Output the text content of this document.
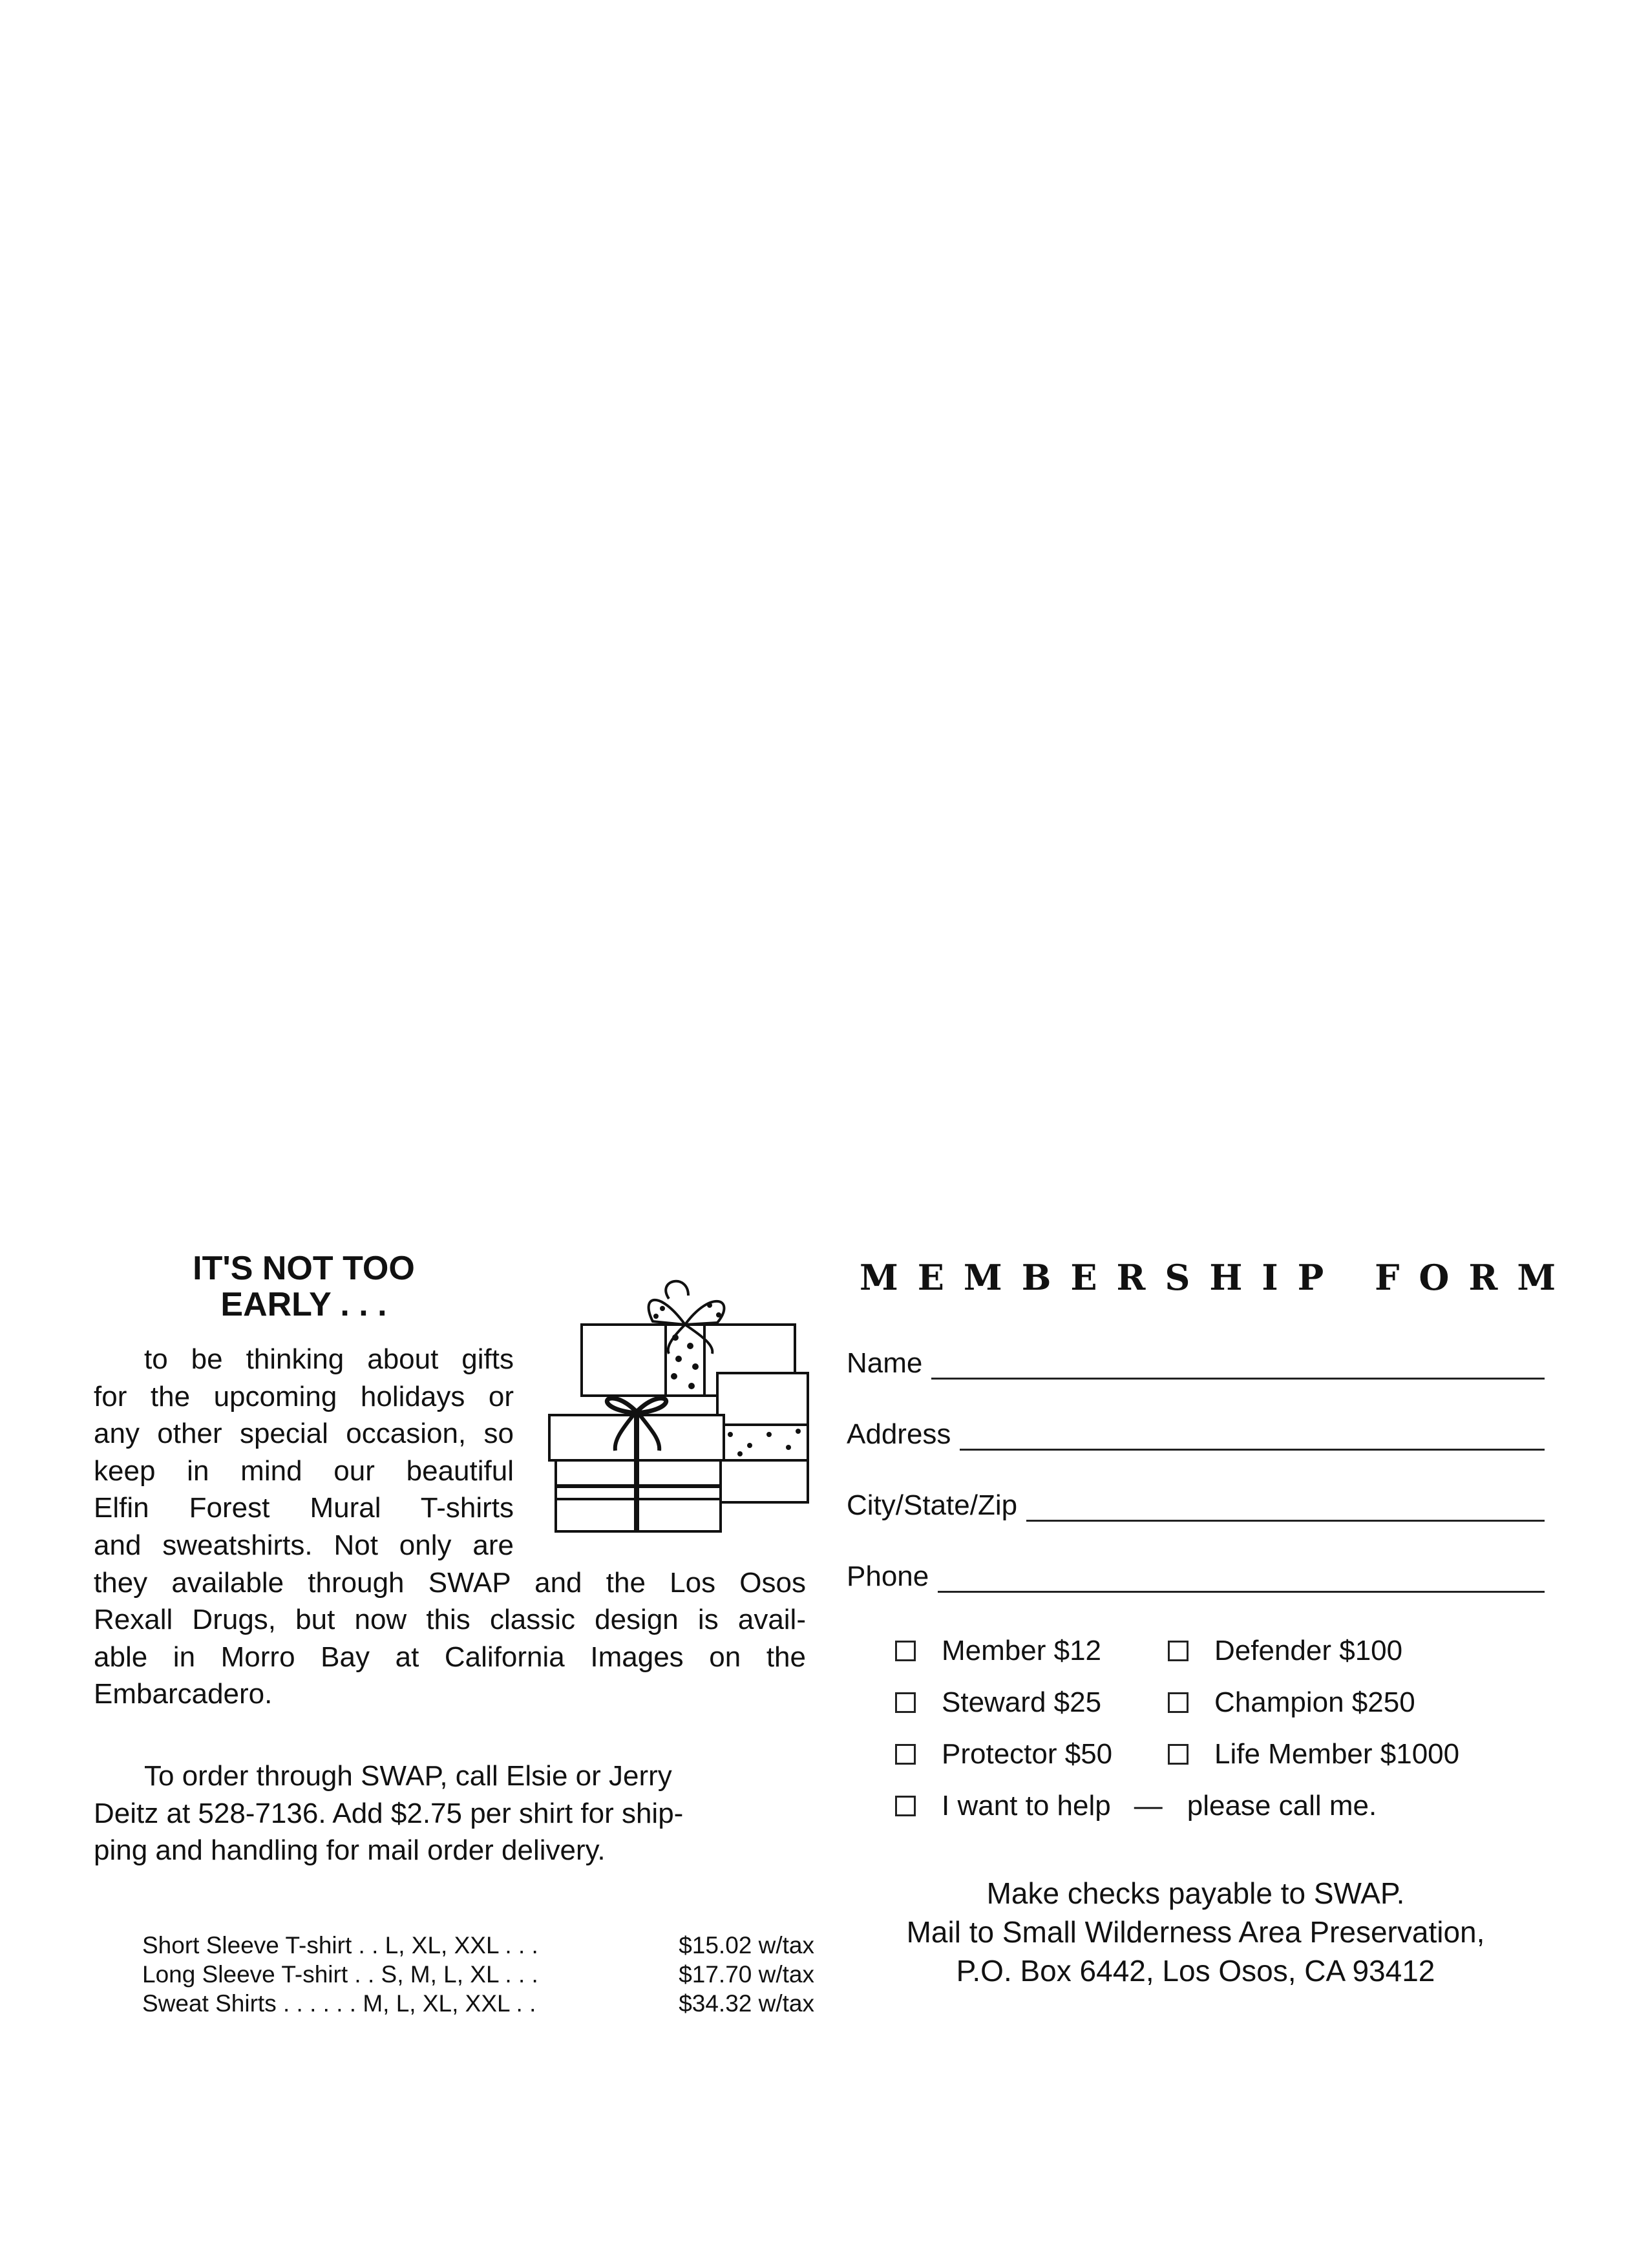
IT'S NOT TOO
EARLY . . .
to be thinking about gifts
for the upcoming holidays or
any other special occasion, so
keep in mind our beautiful
Elfin Forest Mural T-shirts
and sweatshirts. Not only are
they available through SWAP and the Los Osos
Rexall Drugs, but now this classic design is avail-
able in Morro Bay at California Images on the
Embarcadero.
To order through SWAP, call Elsie or Jerry
Deitz at 528-7136. Add $2.75 per shirt for ship-
ping and handling for mail order delivery.
Short Sleeve T-shirt . . L, XL, XXL . . .	$15.02 w/tax
Long Sleeve T-shirt . . S, M, L, XL . . .	$17.70 w/tax
Sweat Shirts . . . . . . M, L, XL, XXL . .	$34.32 w/tax
MEMBERSHIP FORM
Name
Address
City/State/Zip
Phone
Member $12	Defender $100
Steward $25	Champion $250
Protector $50	Life Member $1000
I want to help — please call me.
Make checks payable to SWAP.
Mail to Small Wilderness Area Preservation,
P.O. Box 6442, Los Osos, CA 93412
